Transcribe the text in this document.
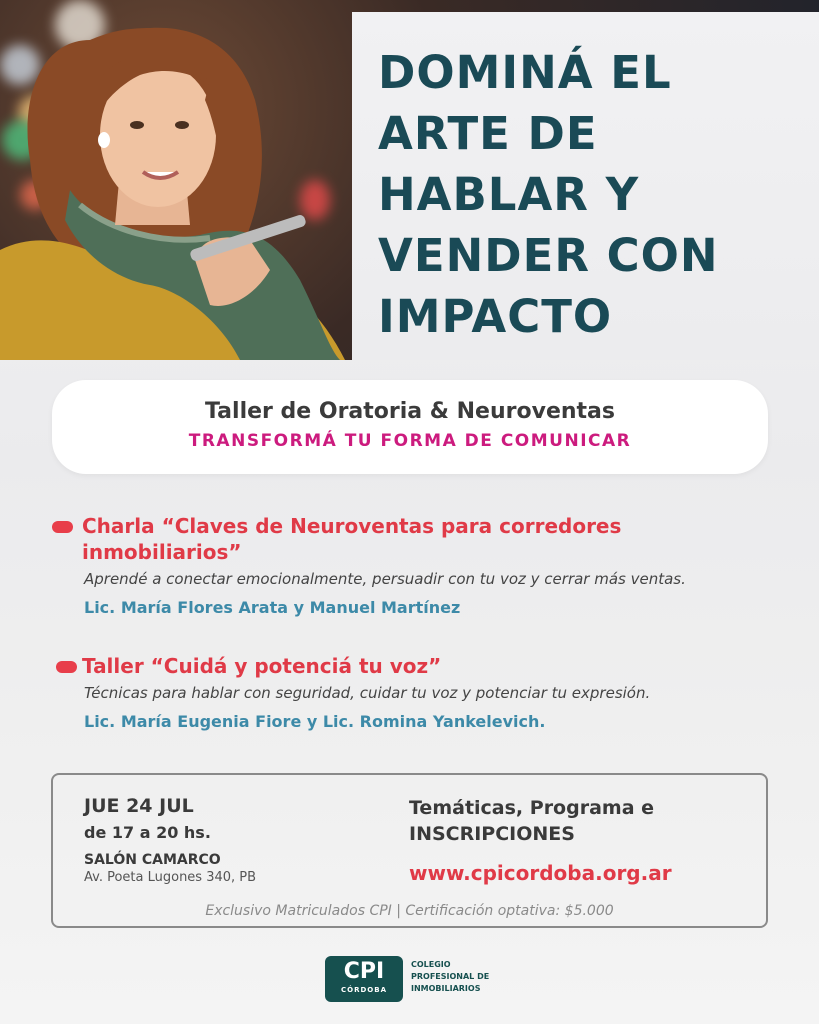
DOMINÁ EL
ARTE DE
HABLAR Y
VENDER CON
IMPACTO
Taller de Oratoria & Neuroventas
TRANSFORMÁ TU FORMA DE COMUNICAR
Charla “Claves de Neuroventas para corredores inmobiliarios”
Aprendé a conectar emocionalmente, persuadir con tu voz y cerrar más ventas.
Lic. María Flores Arata y Manuel Martínez
Taller “Cuidá y potenciá tu voz”
Técnicas para hablar con seguridad, cuidar tu voz y potenciar tu expresión.
Lic. María Eugenia Fiore y Lic. Romina Yankelevich.
JUE 24 JUL
de 17 a 20 hs.
SALÓN CAMARCO
Av. Poeta Lugones 340, PB
Temáticas, Programa e
INSCRIPCIONES
www.cpicordoba.org.ar
Exclusivo Matriculados CPI | Certificación optativa: $5.000
CPI
CÓRDOBA
COLEGIO
PROFESIONAL DE
INMOBILIARIOS
